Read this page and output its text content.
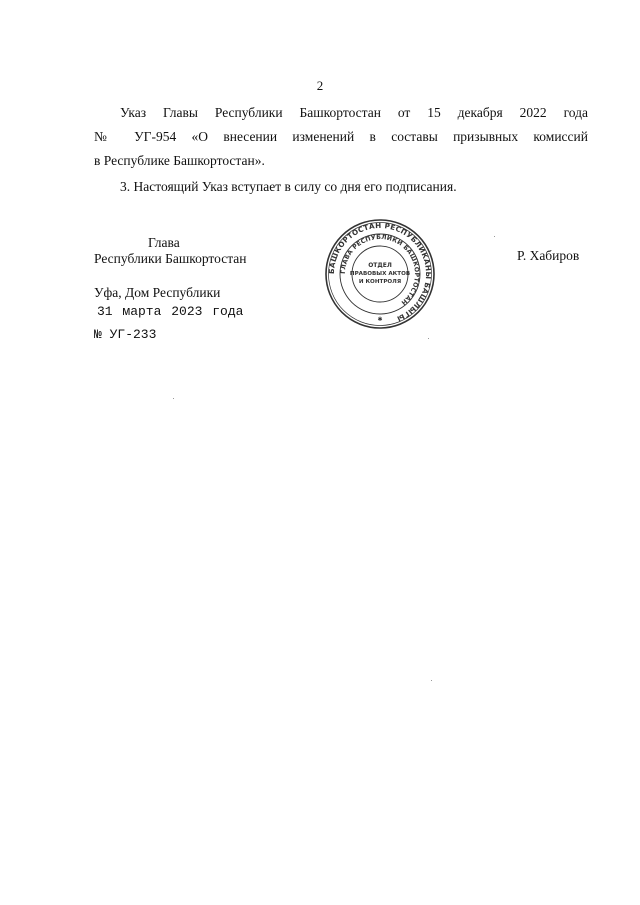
2
Указ Главы Республики Башкортостан от 15 декабря 2022 года
№ УГ-954 «О внесении изменений в составы призывных комиссий
в Республике Башкортостан».
3. Настоящий Указ вступает в силу со дня его подписания.
Глава
Республики Башкортостан
БАШКОРТОСТАН РЕСПУБЛИКАНЫ БАШЛЫГЫ
ГЛАВА РЕСПУБЛИКИ БАШКОРТОСТАН
ОТДЕЛ
ПРАВОВЫХ АКТОВ
И КОНТРОЛЯ
✱
Р. Хабиров
Уфа, Дом Республики
31 марта 2023 года
№ УГ-233
